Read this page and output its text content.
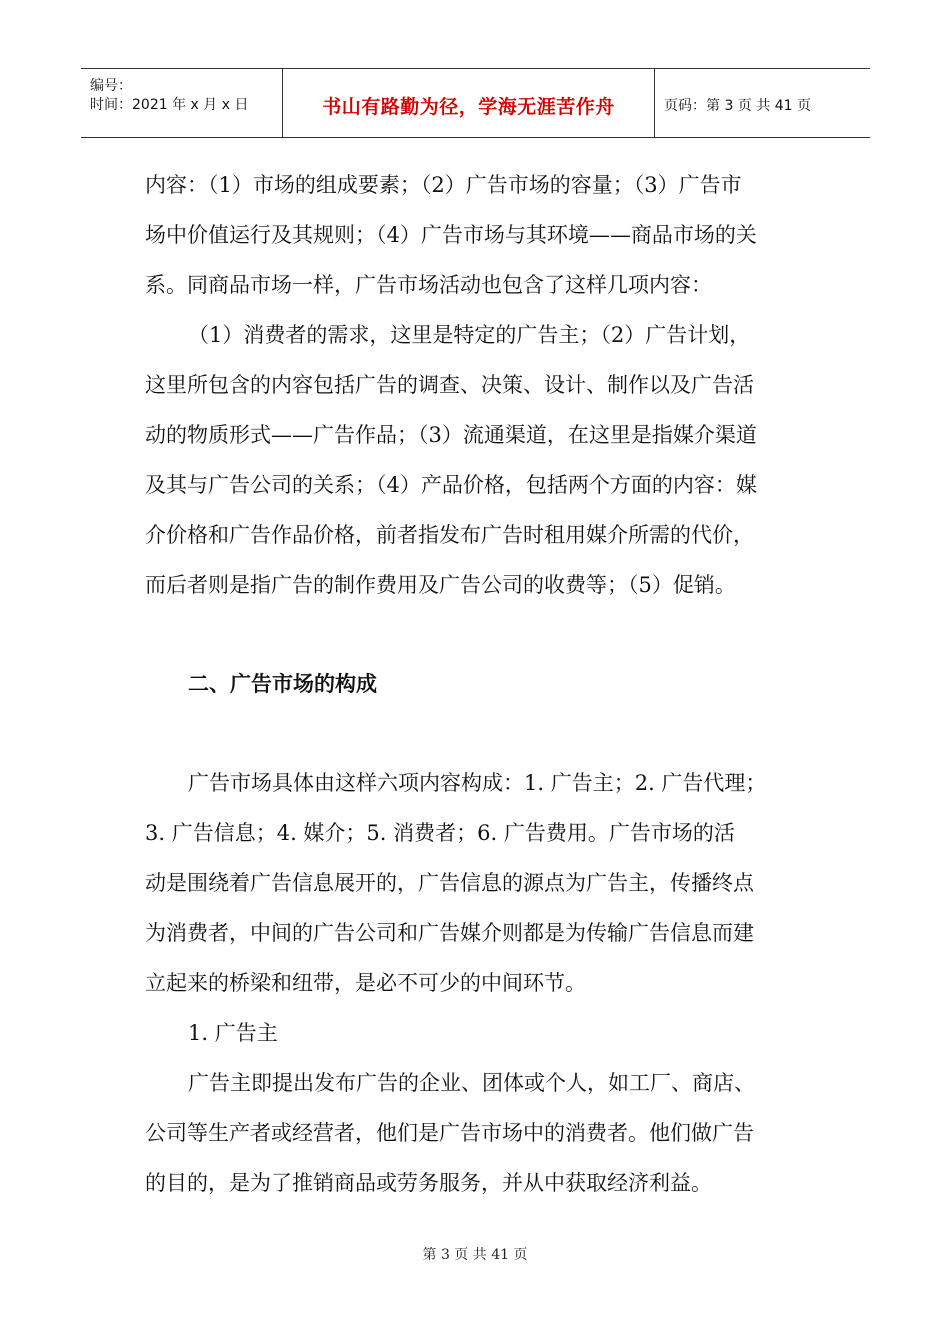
编号：
时间：2021 年 x 月 x 日	书山有路勤为径，学海无涯苦作舟	页码：第 3 页 共 41 页
内容：（1）市场的组成要素；（2）广告市场的容量；（3）广告市
场中价值运行及其规则；（4）广告市场与其环境——商品市场的关
系。同商品市场一样，广告市场活动也包含了这样几项内容：
（1）消费者的需求，这里是特定的广告主；（2）广告计划，
这里所包含的内容包括广告的调查、决策、设计、制作以及广告活
动的物质形式——广告作品；（3）流通渠道，在这里是指媒介渠道
及其与广告公司的关系；（4）产品价格，包括两个方面的内容：媒
介价格和广告作品价格，前者指发布广告时租用媒介所需的代价，
而后者则是指广告的制作费用及广告公司的收费等；（5）促销。
二、广告市场的构成
广告市场具体由这样六项内容构成：1. 广告主；2. 广告代理；
3. 广告信息；4. 媒介；5. 消费者；6. 广告费用。广告市场的活
动是围绕着广告信息展开的，广告信息的源点为广告主，传播终点
为消费者，中间的广告公司和广告媒介则都是为传输广告信息而建
立起来的桥梁和纽带，是必不可少的中间环节。
1. 广告主
广告主即提出发布广告的企业、团体或个人，如工厂、商店、
公司等生产者或经营者，他们是广告市场中的消费者。他们做广告
的目的，是为了推销商品或劳务服务，并从中获取经济利益。
第 3 页 共 41 页
